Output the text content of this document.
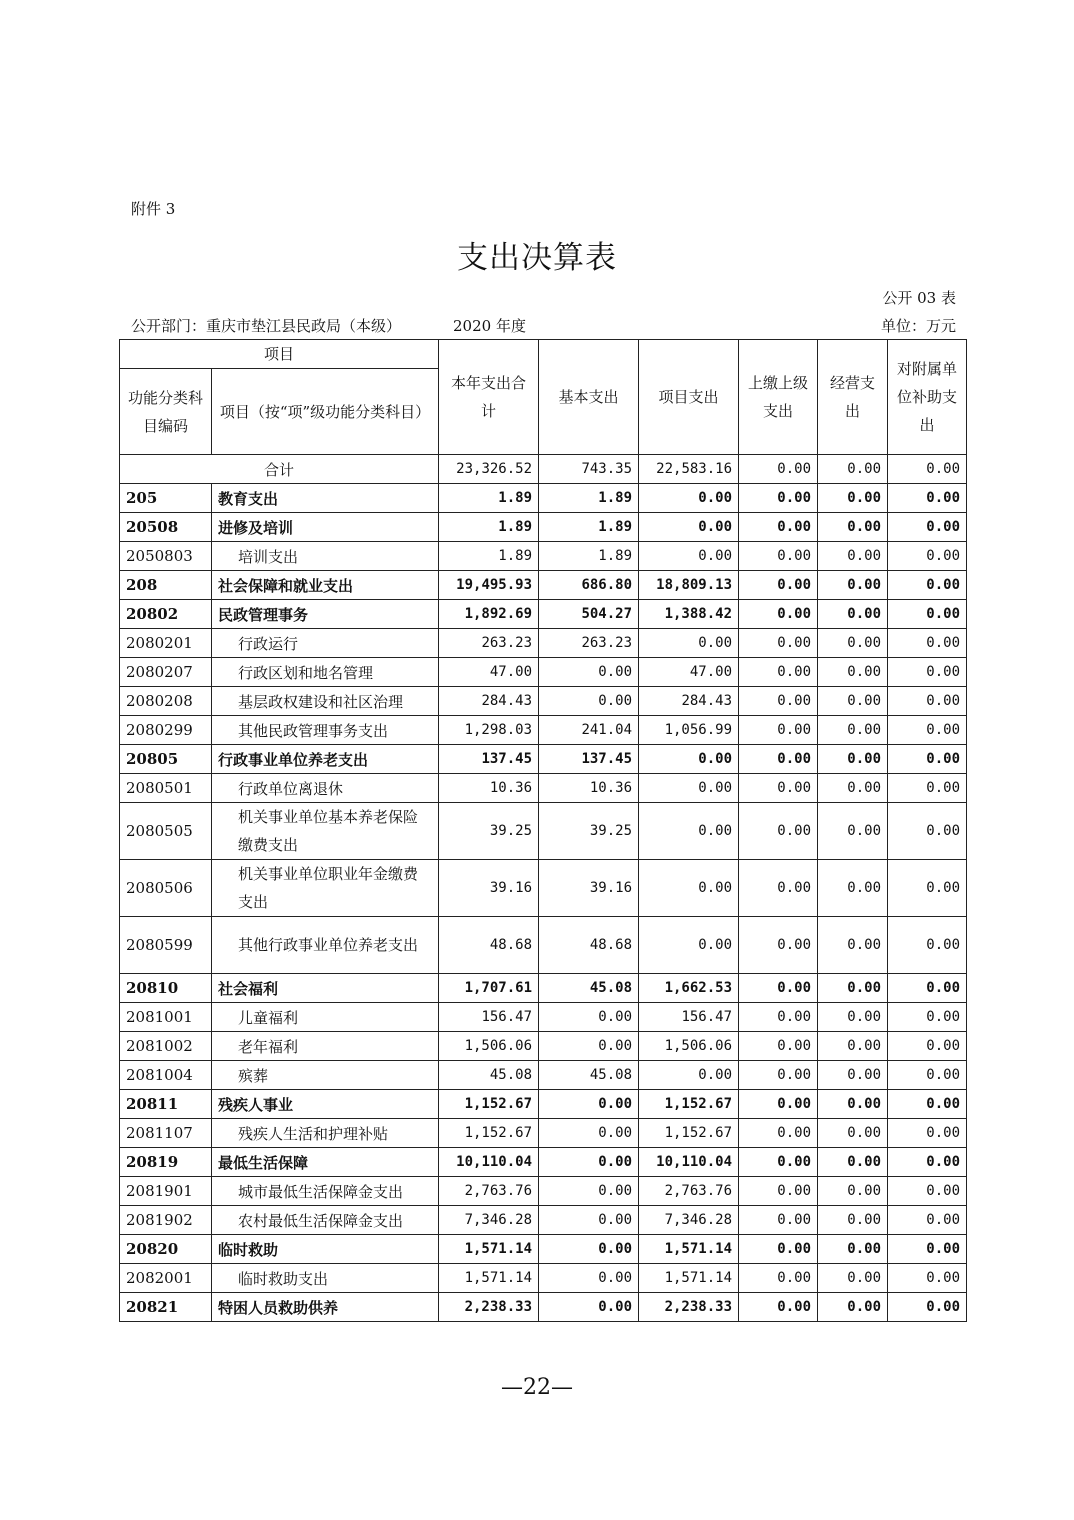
附件 3
支出决算表
公开 03 表
公开部门：重庆市垫江县民政局（本级）	2020 年度	单位：万元
项目		本年支出合计	基本支出	项目支出	上缴上级支出	经营支出	对附属单位补助支出
功能分类科目编码	项目（按“项”级功能分类科目）						
合计		23,326.52	743.35	22,583.16	0.00	0.00	0.00
205	教育支出	1.89	1.89	0.00	0.00	0.00	0.00
20508	进修及培训	1.89	1.89	0.00	0.00	0.00	0.00
2050803	培训支出	1.89	1.89	0.00	0.00	0.00	0.00
208	社会保障和就业支出	19,495.93	686.80	18,809.13	0.00	0.00	0.00
20802	民政管理事务	1,892.69	504.27	1,388.42	0.00	0.00	0.00
2080201	行政运行	263.23	263.23	0.00	0.00	0.00	0.00
2080207	行政区划和地名管理	47.00	0.00	47.00	0.00	0.00	0.00
2080208	基层政权建设和社区治理	284.43	0.00	284.43	0.00	0.00	0.00
2080299	其他民政管理事务支出	1,298.03	241.04	1,056.99	0.00	0.00	0.00
20805	行政事业单位养老支出	137.45	137.45	0.00	0.00	0.00	0.00
2080501	行政单位离退休	10.36	10.36	0.00	0.00	0.00	0.00
2080505	机关事业单位基本养老保险缴费支出	39.25	39.25	0.00	0.00	0.00	0.00
2080506	机关事业单位职业年金缴费支出	39.16	39.16	0.00	0.00	0.00	0.00
2080599	其他行政事业单位养老支出	48.68	48.68	0.00	0.00	0.00	0.00
20810	社会福利	1,707.61	45.08	1,662.53	0.00	0.00	0.00
2081001	儿童福利	156.47	0.00	156.47	0.00	0.00	0.00
2081002	老年福利	1,506.06	0.00	1,506.06	0.00	0.00	0.00
2081004	殡葬	45.08	45.08	0.00	0.00	0.00	0.00
20811	残疾人事业	1,152.67	0.00	1,152.67	0.00	0.00	0.00
2081107	残疾人生活和护理补贴	1,152.67	0.00	1,152.67	0.00	0.00	0.00
20819	最低生活保障	10,110.04	0.00	10,110.04	0.00	0.00	0.00
2081901	城市最低生活保障金支出	2,763.76	0.00	2,763.76	0.00	0.00	0.00
2081902	农村最低生活保障金支出	7,346.28	0.00	7,346.28	0.00	0.00	0.00
20820	临时救助	1,571.14	0.00	1,571.14	0.00	0.00	0.00
2082001	临时救助支出	1,571.14	0.00	1,571.14	0.00	0.00	0.00
20821	特困人员救助供养	2,238.33	0.00	2,238.33	0.00	0.00	0.00
—22—
